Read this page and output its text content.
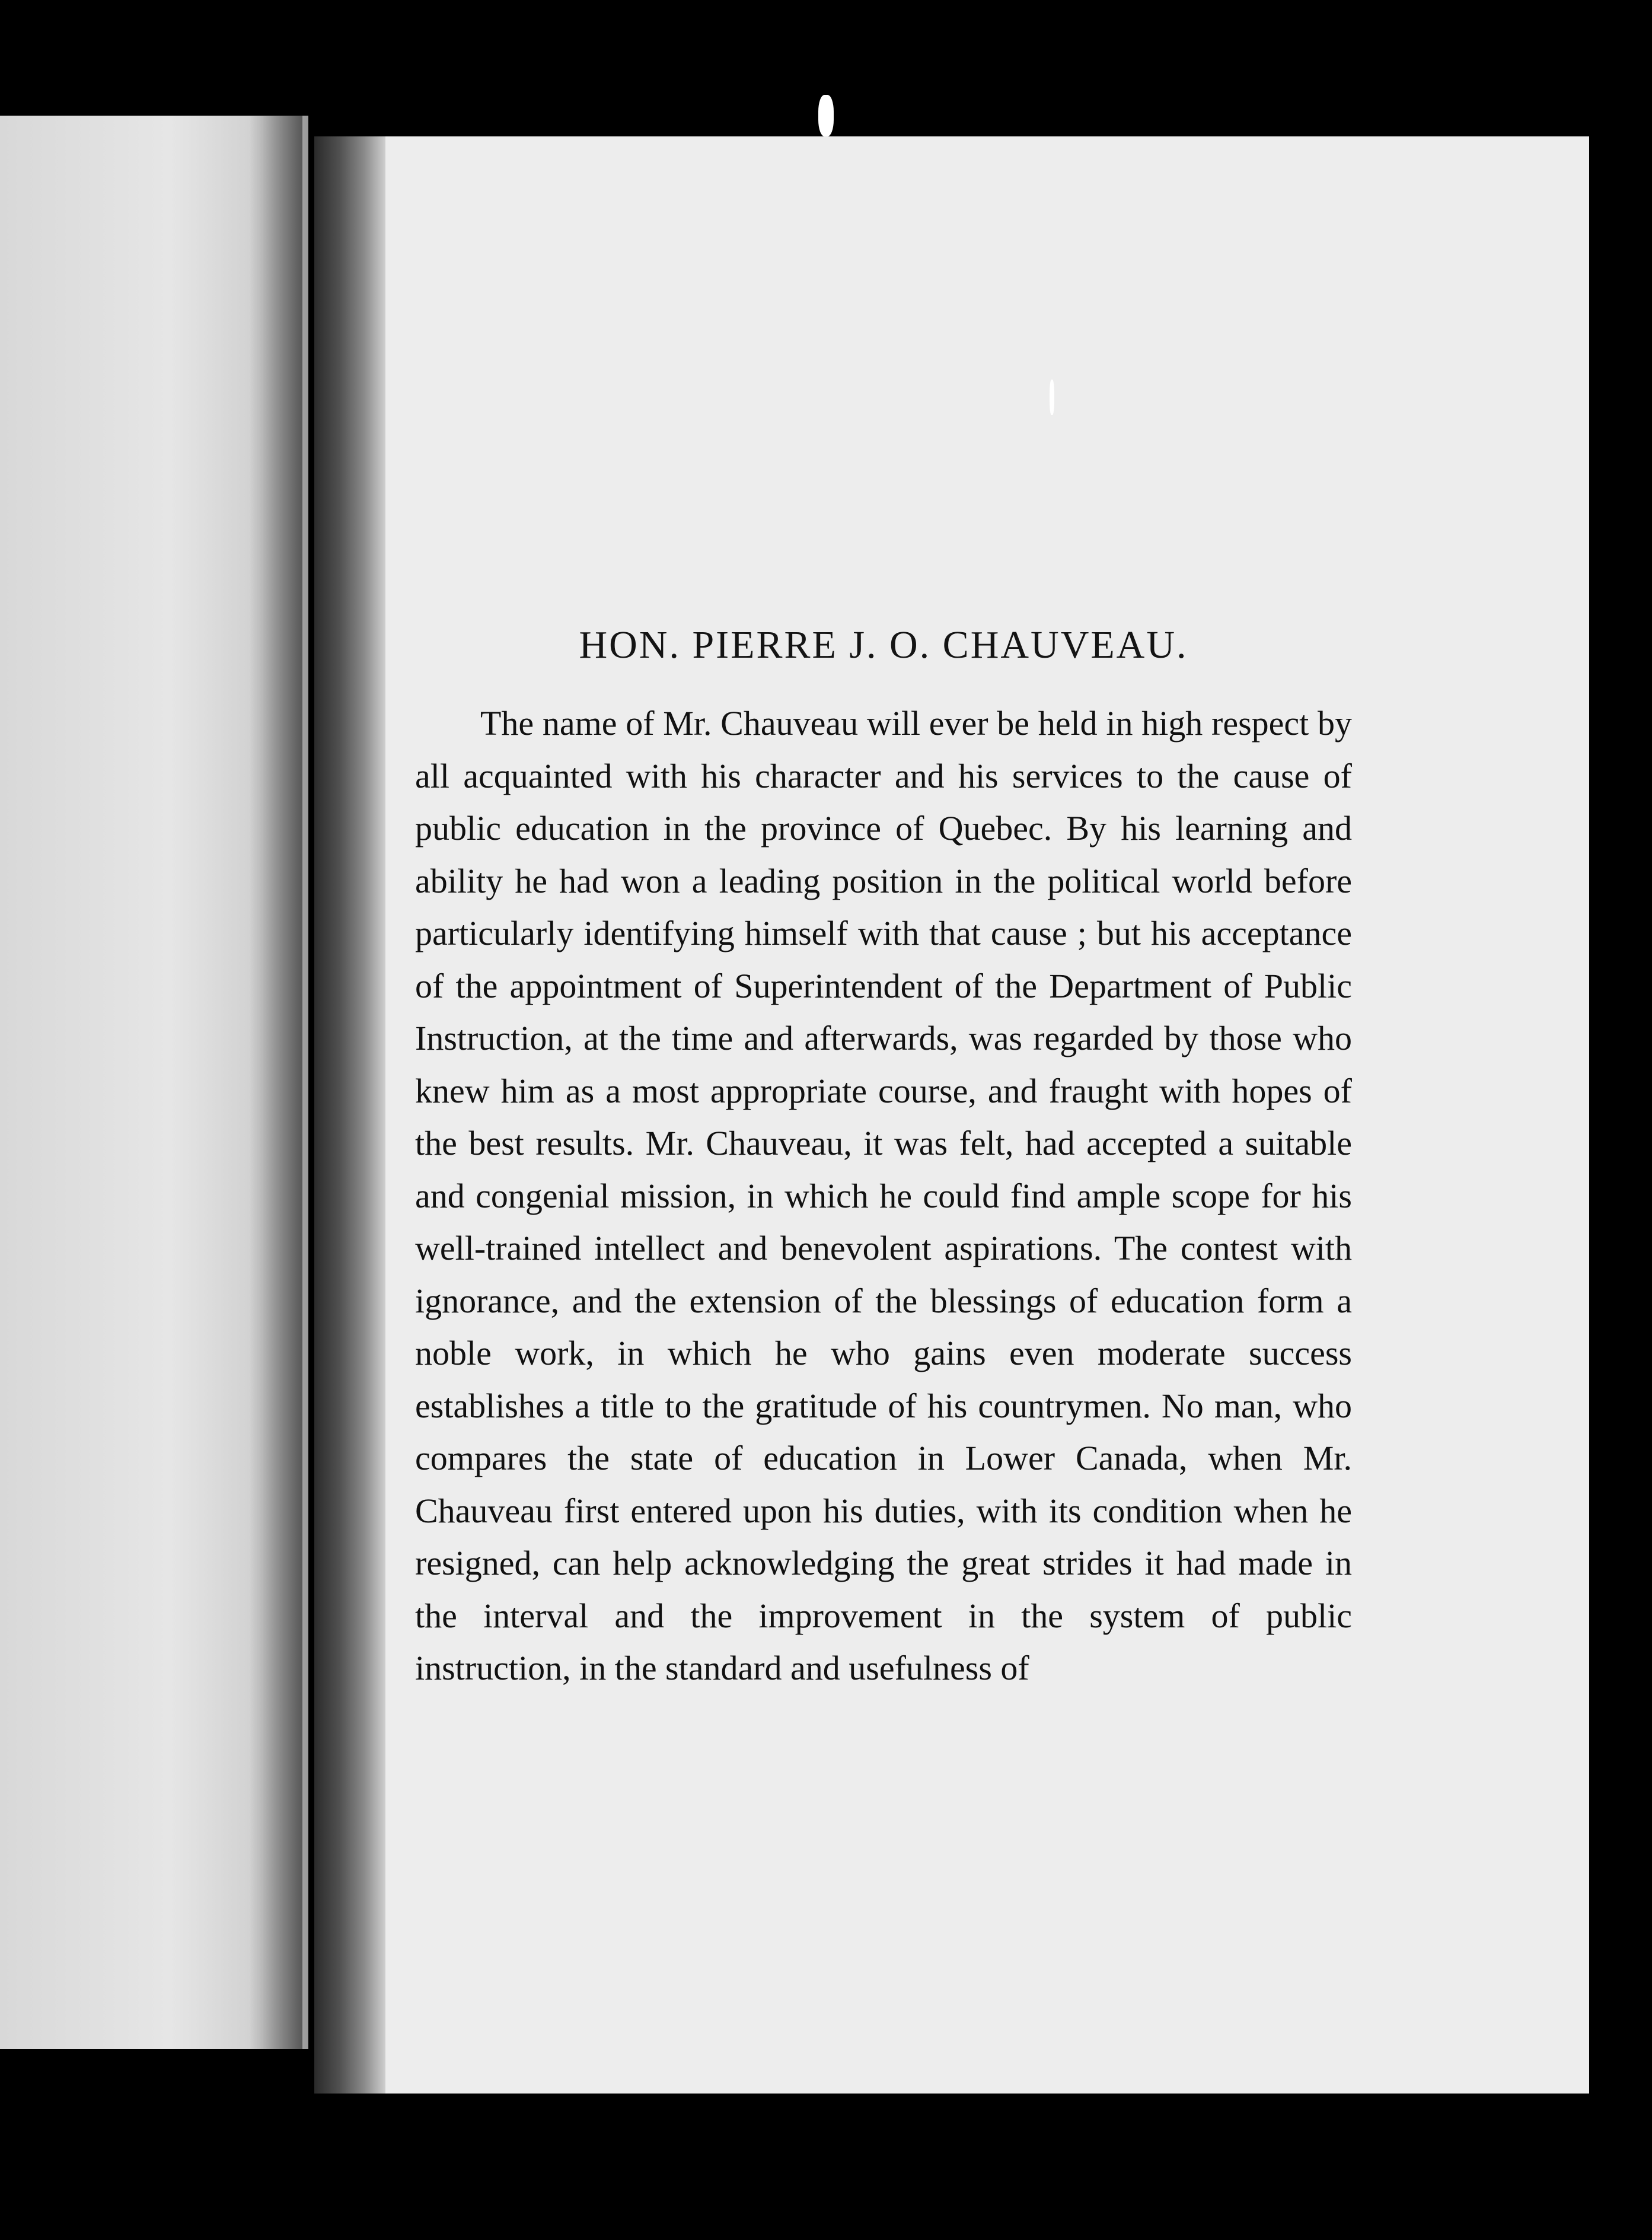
HON. PIERRE J. O. CHAUVEAU.

The name of Mr. Chauveau will ever be held in high respect by all acquainted with his character and his services to the cause of public education in the province of Quebec. By his learning and ability he had won a leading position in the political world before particularly identifying himself with that cause ; but his acceptance of the appointment of Superintendent of the Department of Public Instruction, at the time and afterwards, was regarded by those who knew him as a most appropriate course, and fraught with hopes of the best results. Mr. Chauveau, it was felt, had accepted a suitable and congenial mission, in which he could find ample scope for his well-trained intellect and benevolent aspirations. The contest with ignorance, and the extension of the blessings of education form a noble work, in which he who gains even moderate success establishes a title to the gratitude of his countrymen. No man, who compares the state of education in Lower Canada, when Mr. Chauveau first entered upon his duties, with its condition when he resigned, can help acknowledging the great strides it had made in the interval and the improvement in the system of public instruction, in the standard and usefulness of
